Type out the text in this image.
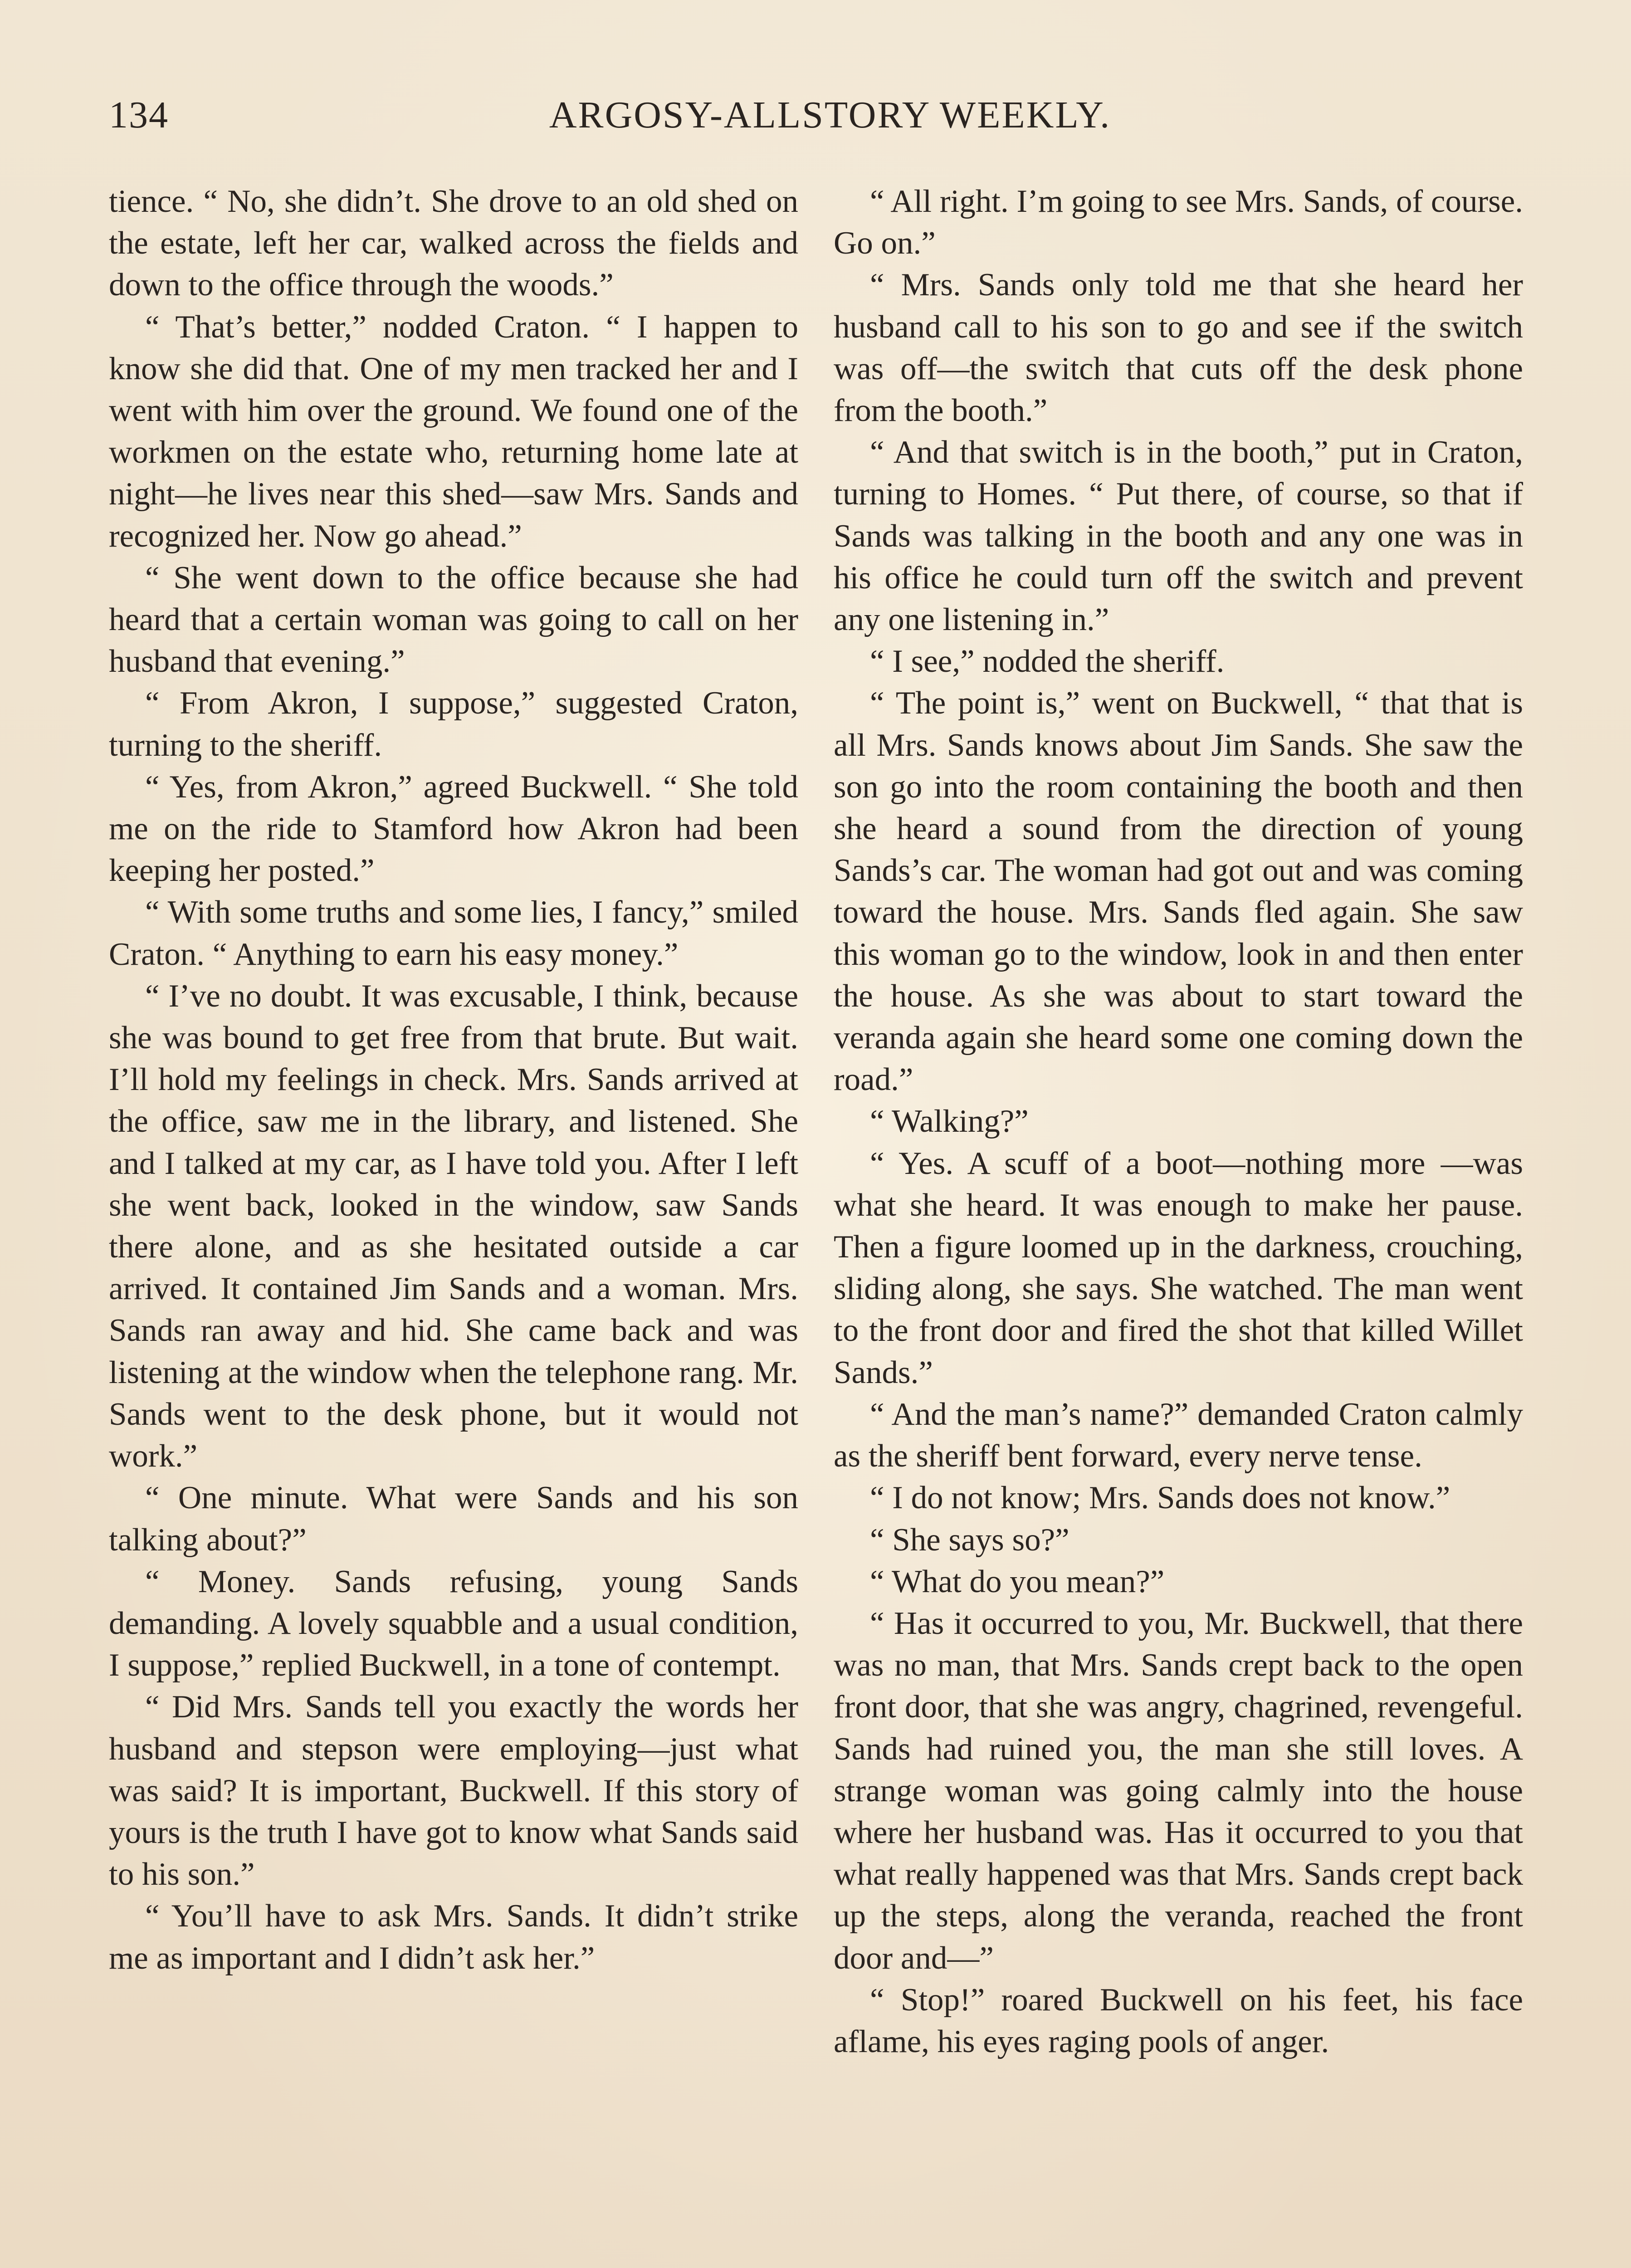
134	ARGOSY-ALLSTORY WEEKLY.

tience. “ No, she didn’t. She drove to an old shed on the estate, left her car, walked across the fields and down to the office through the woods.”

“ That’s better,” nodded Craton. “ I happen to know she did that. One of my men tracked her and I went with him over the ground. We found one of the workmen on the estate who, returning home late at night—he lives near this shed—saw Mrs. Sands and recognized her. Now go ahead.”

“ She went down to the office because she had heard that a certain woman was going to call on her husband that evening.”

“ From Akron, I suppose,” suggested Craton, turning to the sheriff.

“ Yes, from Akron,” agreed Buckwell. “ She told me on the ride to Stamford how Akron had been keeping her posted.”

“ With some truths and some lies, I fancy,” smiled Craton. “ Anything to earn his easy money.”

“ I’ve no doubt. It was excusable, I think, because she was bound to get free from that brute. But wait. I’ll hold my feelings in check. Mrs. Sands arrived at the office, saw me in the library, and listened. She and I talked at my car, as I have told you. After I left she went back, looked in the window, saw Sands there alone, and as she hesitated outside a car arrived. It contained Jim Sands and a woman. Mrs. Sands ran away and hid. She came back and was listening at the window when the telephone rang. Mr. Sands went to the desk phone, but it would not work.”

“ One minute. What were Sands and his son talking about?”

“ Money. Sands refusing, young Sands demanding. A lovely squabble and a usual condition, I suppose,” replied Buckwell, in a tone of contempt.

“ Did Mrs. Sands tell you exactly the words her husband and stepson were employing—just what was said? It is important, Buckwell. If this story of yours is the truth I have got to know what Sands said to his son.”

“ You’ll have to ask Mrs. Sands. It didn’t strike me as important and I didn’t ask her.”

“ All right. I’m going to see Mrs. Sands, of course. Go on.”

“ Mrs. Sands only told me that she heard her husband call to his son to go and see if the switch was off—the switch that cuts off the desk phone from the booth.”

“ And that switch is in the booth,” put in Craton, turning to Homes. “ Put there, of course, so that if Sands was talking in the booth and any one was in his office he could turn off the switch and prevent any one listening in.”

“ I see,” nodded the sheriff.

“ The point is,” went on Buckwell, “ that that is all Mrs. Sands knows about Jim Sands. She saw the son go into the room containing the booth and then she heard a sound from the direction of young Sands’s car. The woman had got out and was coming toward the house. Mrs. Sands fled again. She saw this woman go to the window, look in and then enter the house. As she was about to start toward the veranda again she heard some one coming down the road.”

“ Walking?”

“ Yes. A scuff of a boot—nothing more —was what she heard. It was enough to make her pause. Then a figure loomed up in the darkness, crouching, sliding along, she says. She watched. The man went to the front door and fired the shot that killed Willet Sands.”

“ And the man’s name?” demanded Craton calmly as the sheriff bent forward, every nerve tense.

“ I do not know; Mrs. Sands does not know.”

“ She says so?”

“ What do you mean?”

“ Has it occurred to you, Mr. Buckwell, that there was no man, that Mrs. Sands crept back to the open front door, that she was angry, chagrined, revengeful. Sands had ruined you, the man she still loves. A strange woman was going calmly into the house where her husband was. Has it occurred to you that what really happened was that Mrs. Sands crept back up the steps, along the veranda, reached the front door and—”

“ Stop!” roared Buckwell on his feet, his face aflame, his eyes raging pools of anger.
